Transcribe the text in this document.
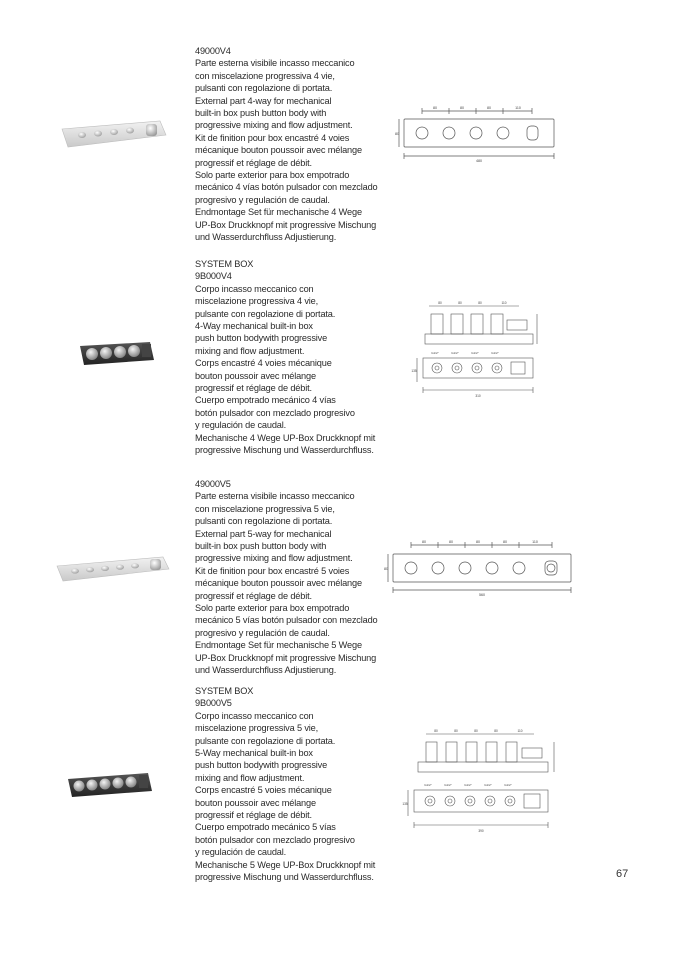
49000V4
Parte esterna visibile incasso meccanico
con miscelazione progressiva 4 vie,
pulsanti con regolazione di portata.
External part 4-way for mechanical
built-in box push button body with
progressive mixing and flow adjustment.
Kit de finition pour box encastré 4 voies
mécanique bouton poussoir avec mélange
progressif et réglage de débit.
Solo parte exterior para box empotrado
mecánico 4 vías botón pulsador con mezclado
progresivo y regulación de caudal.
Endmontage Set für mechanische 4 Wege
UP-Box Druckknopf mit progressive Mischung
und Wasserdurchfluss Adjustierung.
80	80	80	110
80
480
SYSTEM BOX
9B000V4
Corpo incasso meccanico con
miscelazione progressiva 4 vie,
pulsante con regolazione di portata.
4-Way mechanical built-in box
push button bodywith progressive
mixing and flow adjustment.
Corps encastré 4 voies mécanique
bouton poussoir avec mélange
progressif et réglage de débit.
Cuerpo empotrado mecánico 4 vías
botón pulsador con mezclado progresivo
y regulación de caudal.
Mechanische 4 Wege UP-Box Druckknopf mit
progressive Mischung und Wasserdurchfluss.
80	80	80	110
G1/2"	G1/2"	G1/2"	G1/2"
135
310
49000V5
Parte esterna visibile incasso meccanico
con miscelazione progressiva 5 vie,
pulsanti con regolazione di portata.
External part 5-way for mechanical
built-in box push button body with
progressive mixing and flow adjustment.
Kit de finition pour box encastré 5 voies
mécanique bouton poussoir avec mélange
progressif et réglage de débit.
Solo parte exterior para box empotrado
mecánico 5 vías botón pulsador con mezclado
progresivo y regulación de caudal.
Endmontage Set für mechanische 5 Wege
UP-Box Druckknopf mit progressive Mischung
und Wasserdurchfluss Adjustierung.
80	80	80	80	110
80
560
SYSTEM BOX
9B000V5
Corpo incasso meccanico con
miscelazione progressiva 5 vie,
pulsante con regolazione di portata.
5-Way mechanical built-in box
push button bodywith progressive
mixing and flow adjustment.
Corps encastré 5 voies mécanique
bouton poussoir avec mélange
progressif et réglage de débit.
Cuerpo empotrado mecánico 5 vías
botón pulsador con mezclado progresivo
y regulación de caudal.
Mechanische 5 Wege UP-Box Druckknopf mit
progressive Mischung und Wasserdurchfluss.
80	80	80	80	110
G1/2"	G1/2"	G1/2"	G1/2"	G1/2"
135
390
67
